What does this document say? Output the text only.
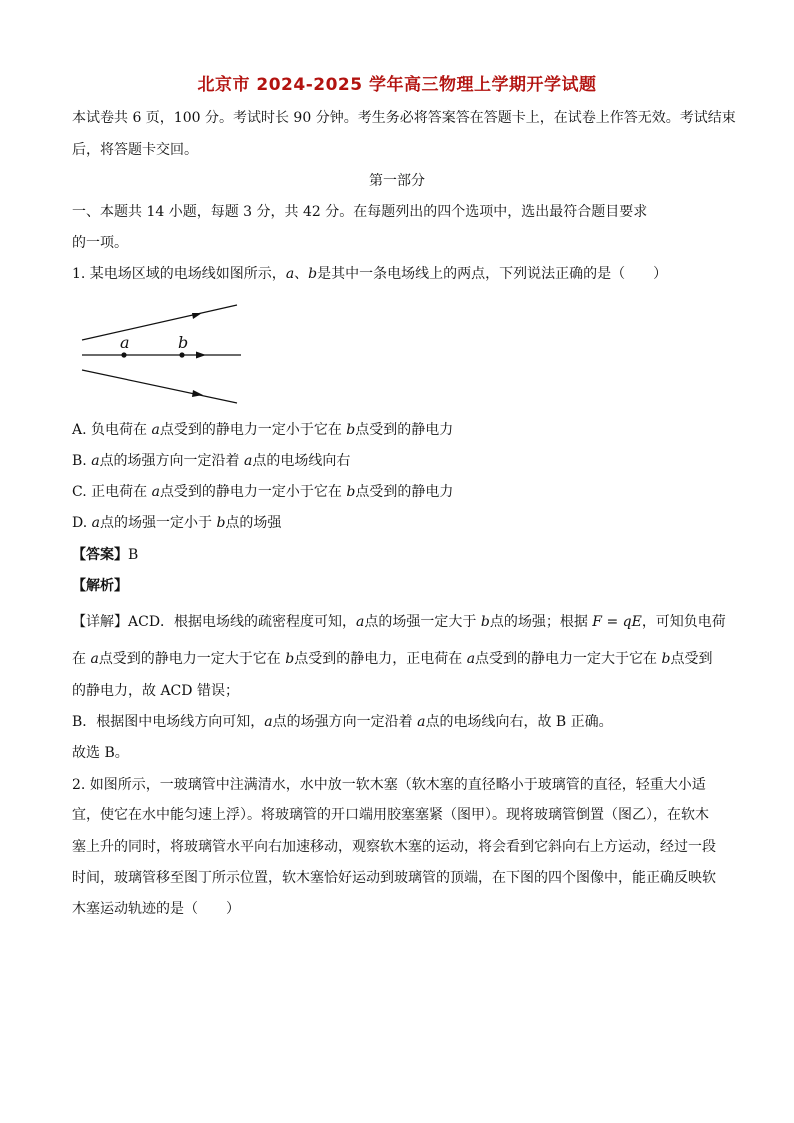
北京市 2024-2025 学年高三物理上学期开学试题
本试卷共 6 页，100 分。考试时长 90 分钟。考生务必将答案答在答题卡上，在试卷上作答无效。考试结束
后，将答题卡交回。
第一部分
一、本题共 14 小题，每题 3 分，共 42 分。在每题列出的四个选项中，选出最符合题目要求
的一项。
1. 某电场区域的电场线如图所示，a、b是其中一条电场线上的两点，下列说法正确的是（　　）
a	b
A. 负电荷在 a点受到的静电力一定小于它在 b点受到的静电力
B. a点的场强方向一定沿着 a点的电场线向右
C. 正电荷在 a点受到的静电力一定小于它在 b点受到的静电力
D. a点的场强一定小于 b点的场强
【答案】B
【解析】
【详解】ACD．根据电场线的疏密程度可知，a点的场强一定大于 b点的场强；根据 F = qE，可知负电荷
在 a点受到的静电力一定大于它在 b点受到的静电力，正电荷在 a点受到的静电力一定大于它在 b点受到
的静电力，故 ACD 错误；
B．根据图中电场线方向可知，a点的场强方向一定沿着 a点的电场线向右，故 B 正确。
故选 B。
2. 如图所示，一玻璃管中注满清水，水中放一软木塞（软木塞的直径略小于玻璃管的直径，轻重大小适
宜，使它在水中能匀速上浮）。将玻璃管的开口端用胶塞塞紧（图甲）。现将玻璃管倒置（图乙），在软木
塞上升的同时，将玻璃管水平向右加速移动，观察软木塞的运动，将会看到它斜向右上方运动，经过一段
时间，玻璃管移至图丁所示位置，软木塞恰好运动到玻璃管的顶端，在下图的四个图像中，能正确反映软
木塞运动轨迹的是（　　）
